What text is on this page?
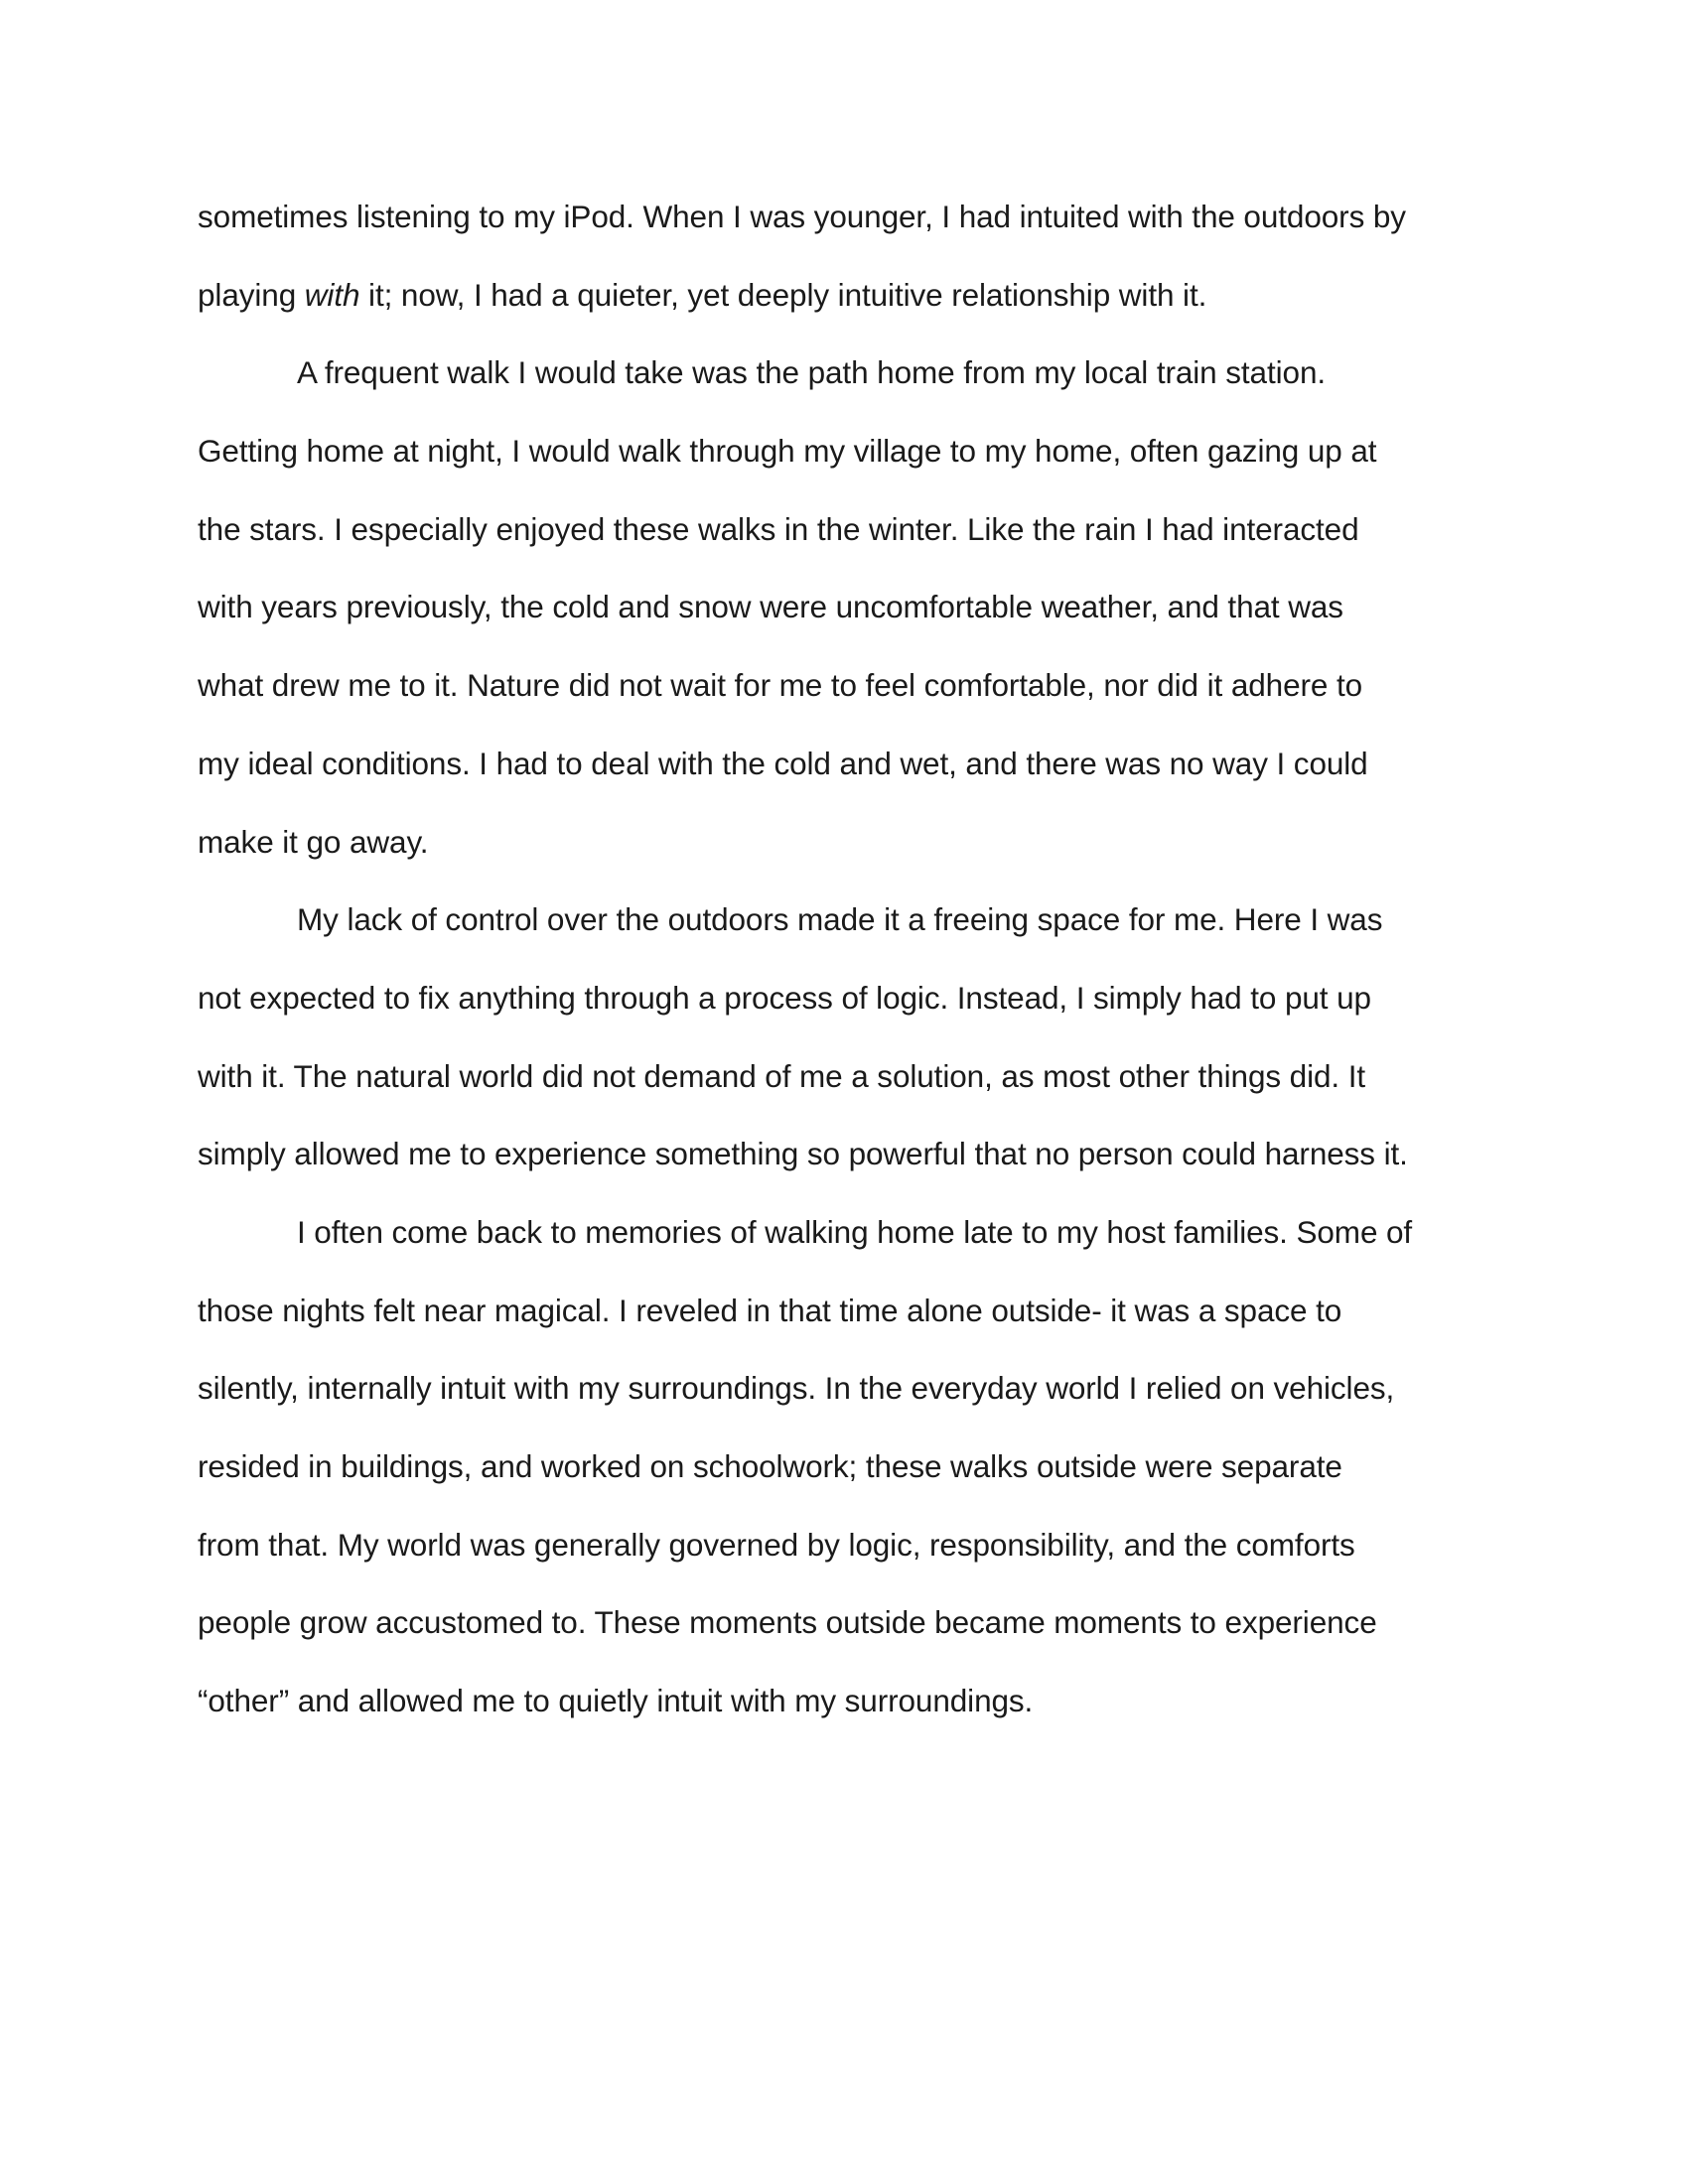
sometimes listening to my iPod. When I was younger, I had intuited with the outdoors by
playing with it; now, I had a quieter, yet deeply intuitive relationship with it.
A frequent walk I would take was the path home from my local train station.
Getting home at night, I would walk through my village to my home, often gazing up at
the stars. I especially enjoyed these walks in the winter. Like the rain I had interacted
with years previously, the cold and snow were uncomfortable weather, and that was
what drew me to it. Nature did not wait for me to feel comfortable, nor did it adhere to
my ideal conditions. I had to deal with the cold and wet, and there was no way I could
make it go away.
My lack of control over the outdoors made it a freeing space for me. Here I was
not expected to fix anything through a process of logic. Instead, I simply had to put up
with it. The natural world did not demand of me a solution, as most other things did. It
simply allowed me to experience something so powerful that no person could harness it.
I often come back to memories of walking home late to my host families. Some of
those nights felt near magical. I reveled in that time alone outside- it was a space to
silently, internally intuit with my surroundings. In the everyday world I relied on vehicles,
resided in buildings, and worked on schoolwork; these walks outside were separate
from that. My world was generally governed by logic, responsibility, and the comforts
people grow accustomed to. These moments outside became moments to experience
“other” and allowed me to quietly intuit with my surroundings.
